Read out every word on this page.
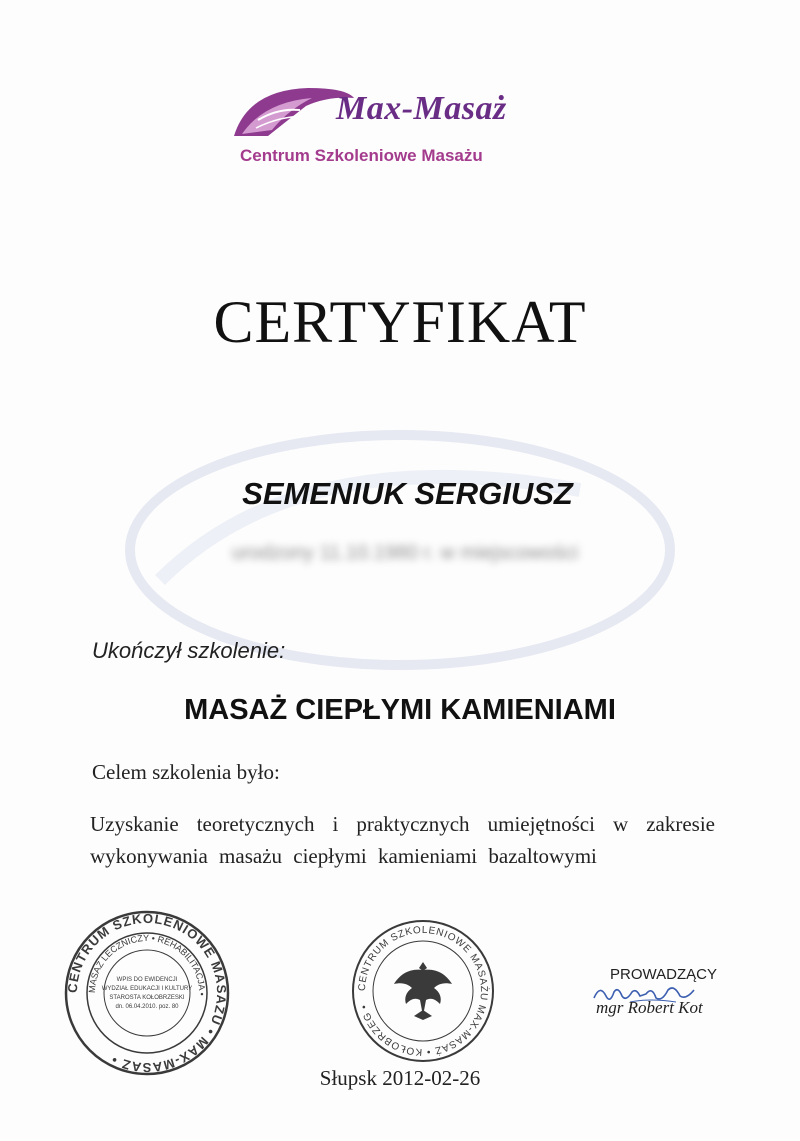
Max-Masaż
Centrum Szkoleniowe Masażu
CERTYFIKAT
SEMENIUK SERGIUSZ
urodzony 11.10.1980 r. w miejscowości
Ukończył szkolenie:
MASAŻ CIEPŁYMI KAMIENIAMI
Celem szkolenia było:
Uzyskanie teoretycznych i praktycznych umiejętności w zakresie wykonywania masażu ciepłymi kamieniami bazaltowymi
CENTRUM SZKOLENIOWE MASAŻU • MAX-MASAŻ •
MASAŻ LECZNICZY • REHABILITACJA •
WPIS DO EWIDENCJI
WYDZIAŁ EDUKACJI I KULTURY
STAROSTA KOŁOBRZESKI
dn. 06.04.2010. poz. 80
CENTRUM SZKOLENIOWE MASAŻU MAX-MASAŻ • KOŁOBRZEG •
PROWADZĄCY
mgr Robert Kot
Słupsk 2012-02-26
